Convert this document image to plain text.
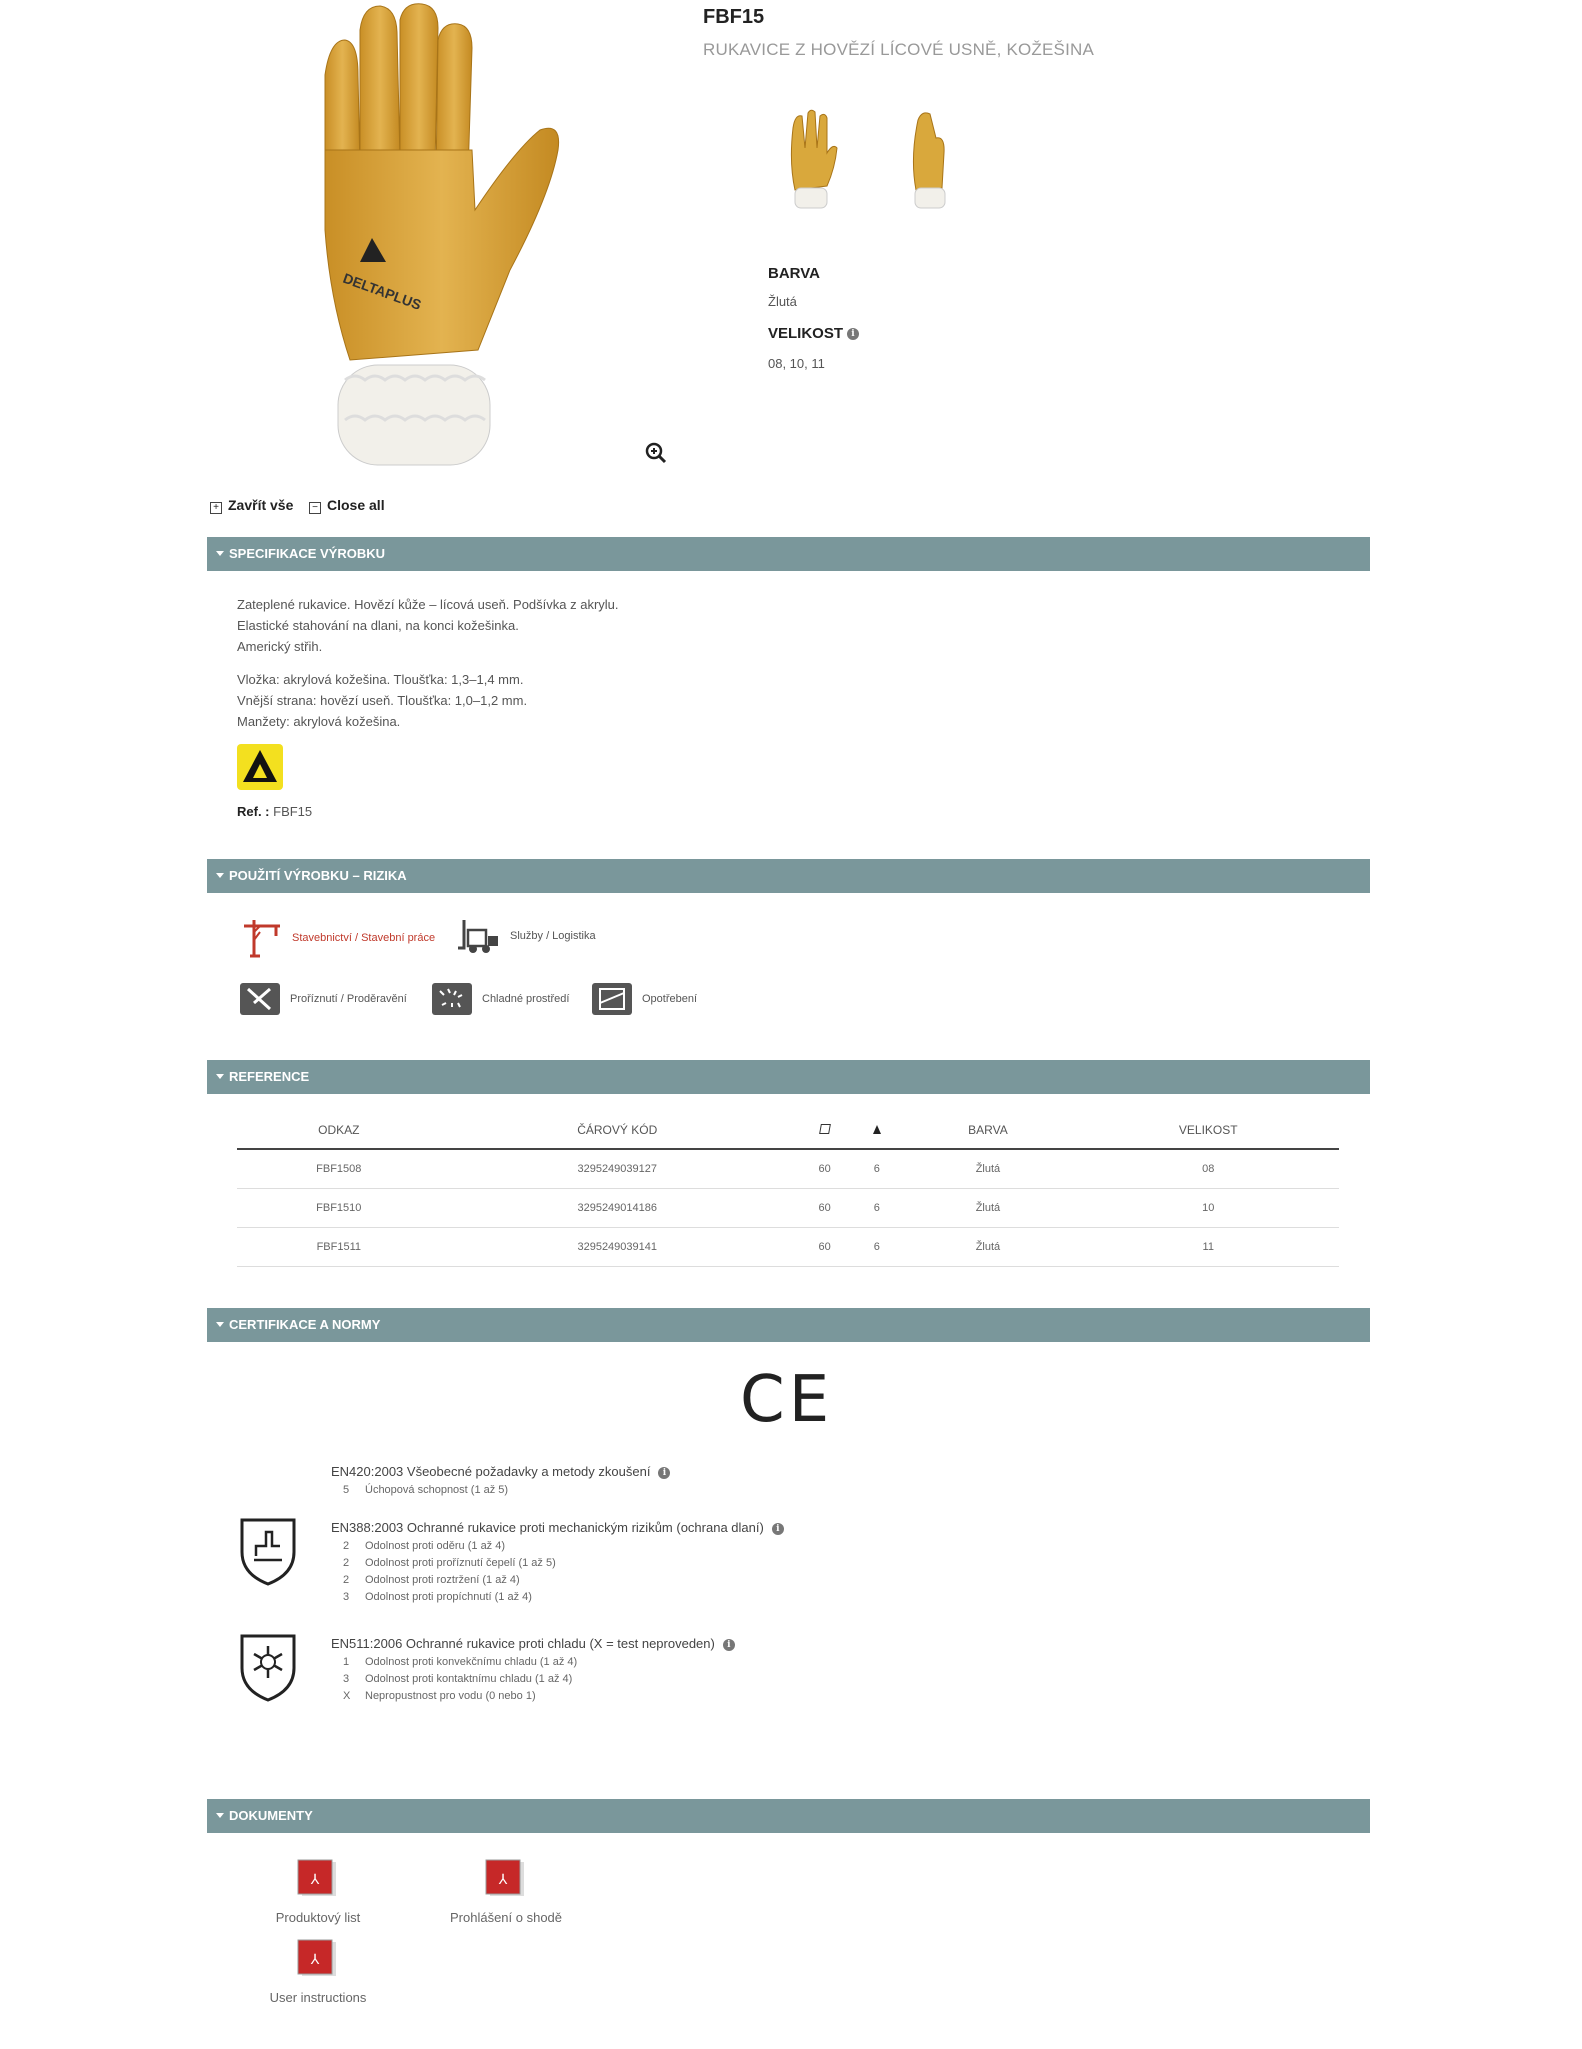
DELTAPLUS
FBF15
RUKAVICE Z HOVĚZÍ LÍCOVÉ USNĚ, KOŽEŠINA
BARVA
Žlutá
VELIKOST i
08, 10, 11
+ Zavřít vše	− Close all
SPECIFIKACE VÝROBKU
Zateplené rukavice. Hovězí kůže – lícová useň. Podšívka z akrylu.
Elastické stahování na dlani, na konci kožešinka.
Americký střih.
Vložka: akrylová kožešina. Tloušťka: 1,3–1,4 mm.
Vnější strana: hovězí useň. Tloušťka: 1,0–1,2 mm.
Manžety: akrylová kožešina.
Ref. : FBF15
POUŽITÍ VÝROBKU – RIZIKA
Stavebnictví / Stavební práce	Služby / Logistika
Proříznutí / Proděravění	Chladné prostředí	Opotřebení
REFERENCE
ODKAZ	ČÁROVÝ KÓD			BARVA	VELIKOST
FBF1508	3295249039127	60	6	Žlutá	08
FBF1510	3295249014186	60	6	Žlutá	10
FBF1511	3295249039141	60	6	Žlutá	11
CERTIFIKACE A NORMY
CE
EN420:2003 Všeobecné požadavky a metody zkoušení i
5 Úchopová schopnost (1 až 5)
EN388:2003 Ochranné rukavice proti mechanickým rizikům (ochrana dlaní) i
2 Odolnost proti oděru (1 až 4)
2 Odolnost proti proříznutí čepelí (1 až 5)
2 Odolnost proti roztržení (1 až 4)
3 Odolnost proti propíchnutí (1 až 4)
EN511:2006 Ochranné rukavice proti chladu (X = test neproveden) i
1 Odolnost proti konvekčnímu chladu (1 až 4)
3 Odolnost proti kontaktnímu chladu (1 až 4)
X Nepropustnost pro vodu (0 nebo 1)
DOKUMENTY
⅄
Produktový list
⅄
Prohlášení o shodě
⅄
User instructions
